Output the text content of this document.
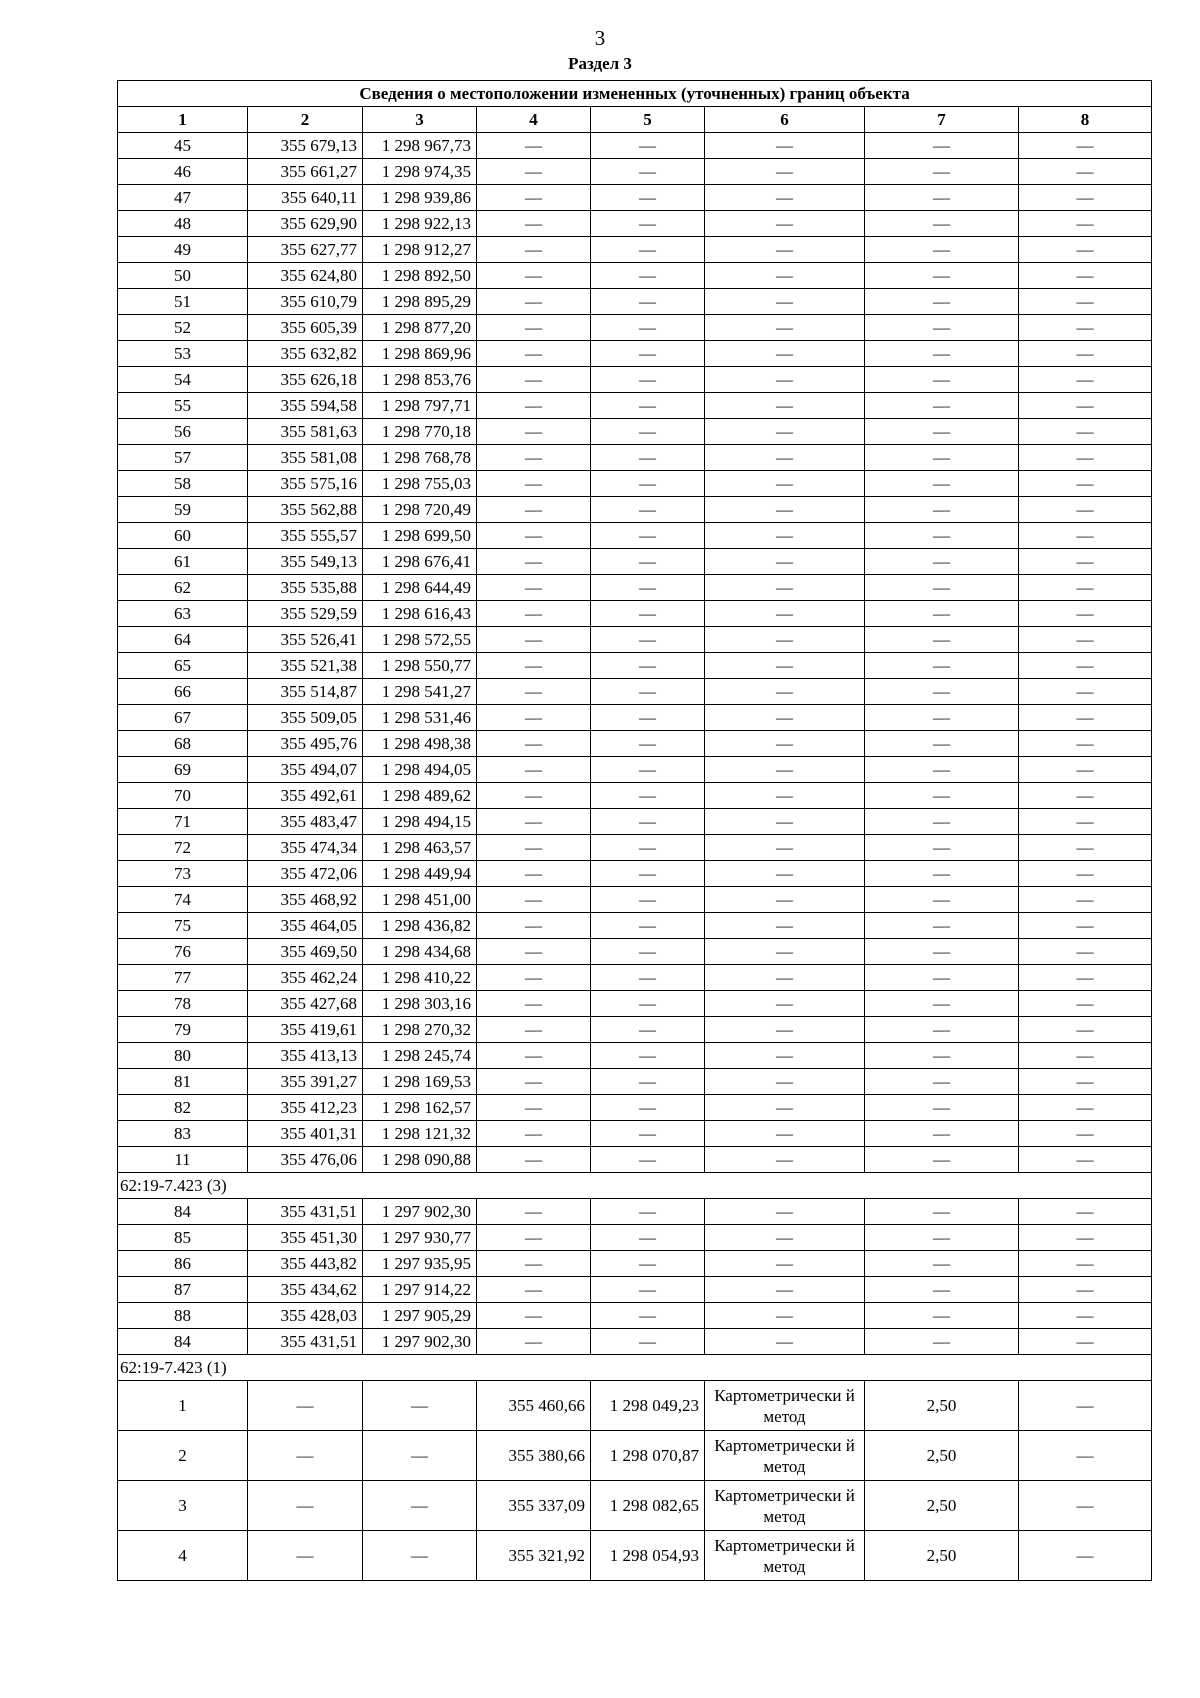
3
Раздел 3
Сведения о местоположении измененных (уточненных) границ объекта							
1	2	3	4	5	6	7	8
45	355 679,13	1 298 967,73	—	—	—	—	—
46	355 661,27	1 298 974,35	—	—	—	—	—
47	355 640,11	1 298 939,86	—	—	—	—	—
48	355 629,90	1 298 922,13	—	—	—	—	—
49	355 627,77	1 298 912,27	—	—	—	—	—
50	355 624,80	1 298 892,50	—	—	—	—	—
51	355 610,79	1 298 895,29	—	—	—	—	—
52	355 605,39	1 298 877,20	—	—	—	—	—
53	355 632,82	1 298 869,96	—	—	—	—	—
54	355 626,18	1 298 853,76	—	—	—	—	—
55	355 594,58	1 298 797,71	—	—	—	—	—
56	355 581,63	1 298 770,18	—	—	—	—	—
57	355 581,08	1 298 768,78	—	—	—	—	—
58	355 575,16	1 298 755,03	—	—	—	—	—
59	355 562,88	1 298 720,49	—	—	—	—	—
60	355 555,57	1 298 699,50	—	—	—	—	—
61	355 549,13	1 298 676,41	—	—	—	—	—
62	355 535,88	1 298 644,49	—	—	—	—	—
63	355 529,59	1 298 616,43	—	—	—	—	—
64	355 526,41	1 298 572,55	—	—	—	—	—
65	355 521,38	1 298 550,77	—	—	—	—	—
66	355 514,87	1 298 541,27	—	—	—	—	—
67	355 509,05	1 298 531,46	—	—	—	—	—
68	355 495,76	1 298 498,38	—	—	—	—	—
69	355 494,07	1 298 494,05	—	—	—	—	—
70	355 492,61	1 298 489,62	—	—	—	—	—
71	355 483,47	1 298 494,15	—	—	—	—	—
72	355 474,34	1 298 463,57	—	—	—	—	—
73	355 472,06	1 298 449,94	—	—	—	—	—
74	355 468,92	1 298 451,00	—	—	—	—	—
75	355 464,05	1 298 436,82	—	—	—	—	—
76	355 469,50	1 298 434,68	—	—	—	—	—
77	355 462,24	1 298 410,22	—	—	—	—	—
78	355 427,68	1 298 303,16	—	—	—	—	—
79	355 419,61	1 298 270,32	—	—	—	—	—
80	355 413,13	1 298 245,74	—	—	—	—	—
81	355 391,27	1 298 169,53	—	—	—	—	—
82	355 412,23	1 298 162,57	—	—	—	—	—
83	355 401,31	1 298 121,32	—	—	—	—	—
11	355 476,06	1 298 090,88	—	—	—	—	—
62:19-7.423 (3)							
84	355 431,51	1 297 902,30	—	—	—	—	—
85	355 451,30	1 297 930,77	—	—	—	—	—
86	355 443,82	1 297 935,95	—	—	—	—	—
87	355 434,62	1 297 914,22	—	—	—	—	—
88	355 428,03	1 297 905,29	—	—	—	—	—
84	355 431,51	1 297 902,30	—	—	—	—	—
62:19-7.423 (1)							
1	—	—	355 460,66	1 298 049,23	Картометрически й метод	2,50	—
2	—	—	355 380,66	1 298 070,87	Картометрически й метод	2,50	—
3	—	—	355 337,09	1 298 082,65	Картометрически й метод	2,50	—
4	—	—	355 321,92	1 298 054,93	Картометрически й метод	2,50	—
